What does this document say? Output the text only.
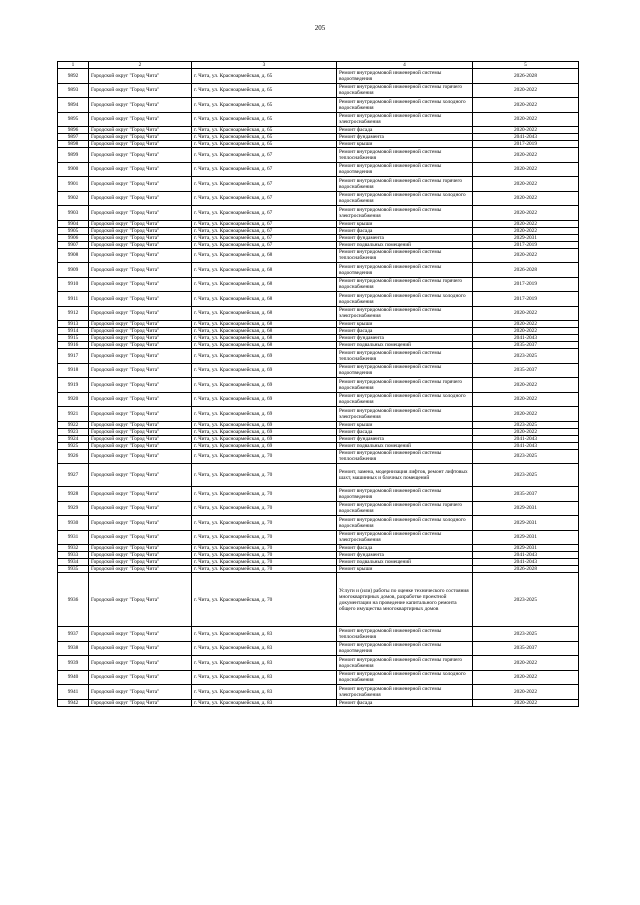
205
1	2	3	4	5
9892	Городской округ "Город Чита"	г. Чита, ул. Красноармейская, д. 65	Ремонт внутридомовой инженерной системы водоотведения	2026-2028
9893	Городской округ "Город Чита"	г. Чита, ул. Красноармейская, д. 65	Ремонт внутридомовой инженерной системы горячего водоснабжения	2020-2022
9894	Городской округ "Город Чита"	г. Чита, ул. Красноармейская, д. 65	Ремонт внутридомовой инженерной системы холодного водоснабжения	2020-2022
9895	Городской округ "Город Чита"	г. Чита, ул. Красноармейская, д. 65	Ремонт внутридомовой инженерной системы электроснабжения	2020-2022
9896	Городской округ "Город Чита"	г. Чита, ул. Красноармейская, д. 65	Ремонт фасада	2020-2022
9897	Городской округ "Город Чита"	г. Чита, ул. Красноармейская, д. 65	Ремонт фундамента	2041-2043
9898	Городской округ "Город Чита"	г. Чита, ул. Красноармейская, д. 65	Ремонт крыши	2017-2019
9899	Городской округ "Город Чита"	г. Чита, ул. Красноармейская, д. 67	Ремонт внутридомовой инженерной системы теплоснабжения	2020-2022
9900	Городской округ "Город Чита"	г. Чита, ул. Красноармейская, д. 67	Ремонт внутридомовой инженерной системы водоотведения	2020-2022
9901	Городской округ "Город Чита"	г. Чита, ул. Красноармейская, д. 67	Ремонт внутридомовой инженерной системы горячего водоснабжения	2020-2022
9902	Городской округ "Город Чита"	г. Чита, ул. Красноармейская, д. 67	Ремонт внутридомовой инженерной системы холодного водоснабжения	2020-2022
9903	Городской округ "Город Чита"	г. Чита, ул. Красноармейская, д. 67	Ремонт внутридомовой инженерной системы электроснабжения	2020-2022
9904	Городской округ "Город Чита"	г. Чита, ул. Красноармейская, д. 67	Ремонт крыши	2020-2022
9905	Городской округ "Город Чита"	г. Чита, ул. Красноармейская, д. 67	Ремонт фасада	2020-2022
9906	Городской округ "Город Чита"	г. Чита, ул. Красноармейская, д. 67	Ремонт фундамента	2029-2031
9907	Городской округ "Город Чита"	г. Чита, ул. Красноармейская, д. 67	Ремонт подвальных помещений	2017-2019
9908	Городской округ "Город Чита"	г. Чита, ул. Красноармейская, д. 68	Ремонт внутридомовой инженерной системы теплоснабжения	2020-2022
9909	Городской округ "Город Чита"	г. Чита, ул. Красноармейская, д. 68	Ремонт внутридомовой инженерной системы водоотведения	2026-2028
9910	Городской округ "Город Чита"	г. Чита, ул. Красноармейская, д. 68	Ремонт внутридомовой инженерной системы горячего водоснабжения	2017-2019
9911	Городской округ "Город Чита"	г. Чита, ул. Красноармейская, д. 68	Ремонт внутридомовой инженерной системы холодного водоснабжения	2017-2019
9912	Городской округ "Город Чита"	г. Чита, ул. Красноармейская, д. 68	Ремонт внутридомовой инженерной системы электроснабжения	2020-2022
9913	Городской округ "Город Чита"	г. Чита, ул. Красноармейская, д. 68	Ремонт крыши	2020-2022
9914	Городской округ "Город Чита"	г. Чита, ул. Красноармейская, д. 68	Ремонт фасада	2020-2022
9915	Городской округ "Город Чита"	г. Чита, ул. Красноармейская, д. 68	Ремонт фундамента	2041-2043
9916	Городской округ "Город Чита"	г. Чита, ул. Красноармейская, д. 68	Ремонт подвальных помещений	2035-2037
9917	Городской округ "Город Чита"	г. Чита, ул. Красноармейская, д. 69	Ремонт внутридомовой инженерной системы теплоснабжения	2023-2025
9918	Городской округ "Город Чита"	г. Чита, ул. Красноармейская, д. 69	Ремонт внутридомовой инженерной системы водоотведения	2035-2037
9919	Городской округ "Город Чита"	г. Чита, ул. Красноармейская, д. 69	Ремонт внутридомовой инженерной системы горячего водоснабжения	2020-2022
9920	Городской округ "Город Чита"	г. Чита, ул. Красноармейская, д. 69	Ремонт внутридомовой инженерной системы холодного водоснабжения	2020-2022
9921	Городской округ "Город Чита"	г. Чита, ул. Красноармейская, д. 69	Ремонт внутридомовой инженерной системы электроснабжения	2020-2022
9922	Городской округ "Город Чита"	г. Чита, ул. Красноармейская, д. 69	Ремонт крыши	2023-2025
9923	Городской округ "Город Чита"	г. Чита, ул. Красноармейская, д. 69	Ремонт фасада	2020-2022
9924	Городской округ "Город Чита"	г. Чита, ул. Красноармейская, д. 69	Ремонт фундамента	2041-2043
9925	Городской округ "Город Чита"	г. Чита, ул. Красноармейская, д. 69	Ремонт подвальных помещений	2041-2043
9926	Городской округ "Город Чита"	г. Чита, ул. Красноармейская, д. 70	Ремонт внутридомовой инженерной системы теплоснабжения	2023-2025
9927	Городской округ "Город Чита"	г. Чита, ул. Красноармейская, д. 70	Ремонт, замена, модернизация лифтов, ремонт лифтовых шахт, машинных и блочных помещений	2023-2025
9928	Городской округ "Город Чита"	г. Чита, ул. Красноармейская, д. 70	Ремонт внутридомовой инженерной системы водоотведения	2035-2037
9929	Городской округ "Город Чита"	г. Чита, ул. Красноармейская, д. 70	Ремонт внутридомовой инженерной системы горячего водоснабжения	2029-2031
9930	Городской округ "Город Чита"	г. Чита, ул. Красноармейская, д. 70	Ремонт внутридомовой инженерной системы холодного водоснабжения	2029-2031
9931	Городской округ "Город Чита"	г. Чита, ул. Красноармейская, д. 70	Ремонт внутридомовой инженерной системы электроснабжения	2029-2031
9932	Городской округ "Город Чита"	г. Чита, ул. Красноармейская, д. 70	Ремонт фасада	2029-2031
9933	Городской округ "Город Чита"	г. Чита, ул. Красноармейская, д. 70	Ремонт фундамента	2041-2043
9934	Городской округ "Город Чита"	г. Чита, ул. Красноармейская, д. 70	Ремонт подвальных помещений	2041-2043
9935	Городской округ "Город Чита"	г. Чита, ул. Красноармейская, д. 70	Ремонт крыши	2026-2028
9936	Городской округ "Город Чита"	г. Чита, ул. Красноармейская, д. 70	Услуги и (или) работы по оценке технического состояния многоквартирных домов, разработке проектной документации на проведение капитального ремонта общего имущества многоквартирных домов	2023-2025
9937	Городской округ "Город Чита"	г. Чита, ул. Красноармейская, д. 83	Ремонт внутридомовой инженерной системы теплоснабжения	2023-2025
9938	Городской округ "Город Чита"	г. Чита, ул. Красноармейская, д. 83	Ремонт внутридомовой инженерной системы водоотведения	2035-2037
9939	Городской округ "Город Чита"	г. Чита, ул. Красноармейская, д. 83	Ремонт внутридомовой инженерной системы горячего водоснабжения	2020-2022
9940	Городской округ "Город Чита"	г. Чита, ул. Красноармейская, д. 83	Ремонт внутридомовой инженерной системы холодного водоснабжения	2020-2022
9941	Городской округ "Город Чита"	г. Чита, ул. Красноармейская, д. 83	Ремонт внутридомовой инженерной системы электроснабжения	2020-2022
9942	Городской округ "Город Чита"	г. Чита, ул. Красноармейская, д. 83	Ремонт фасада	2020-2022
